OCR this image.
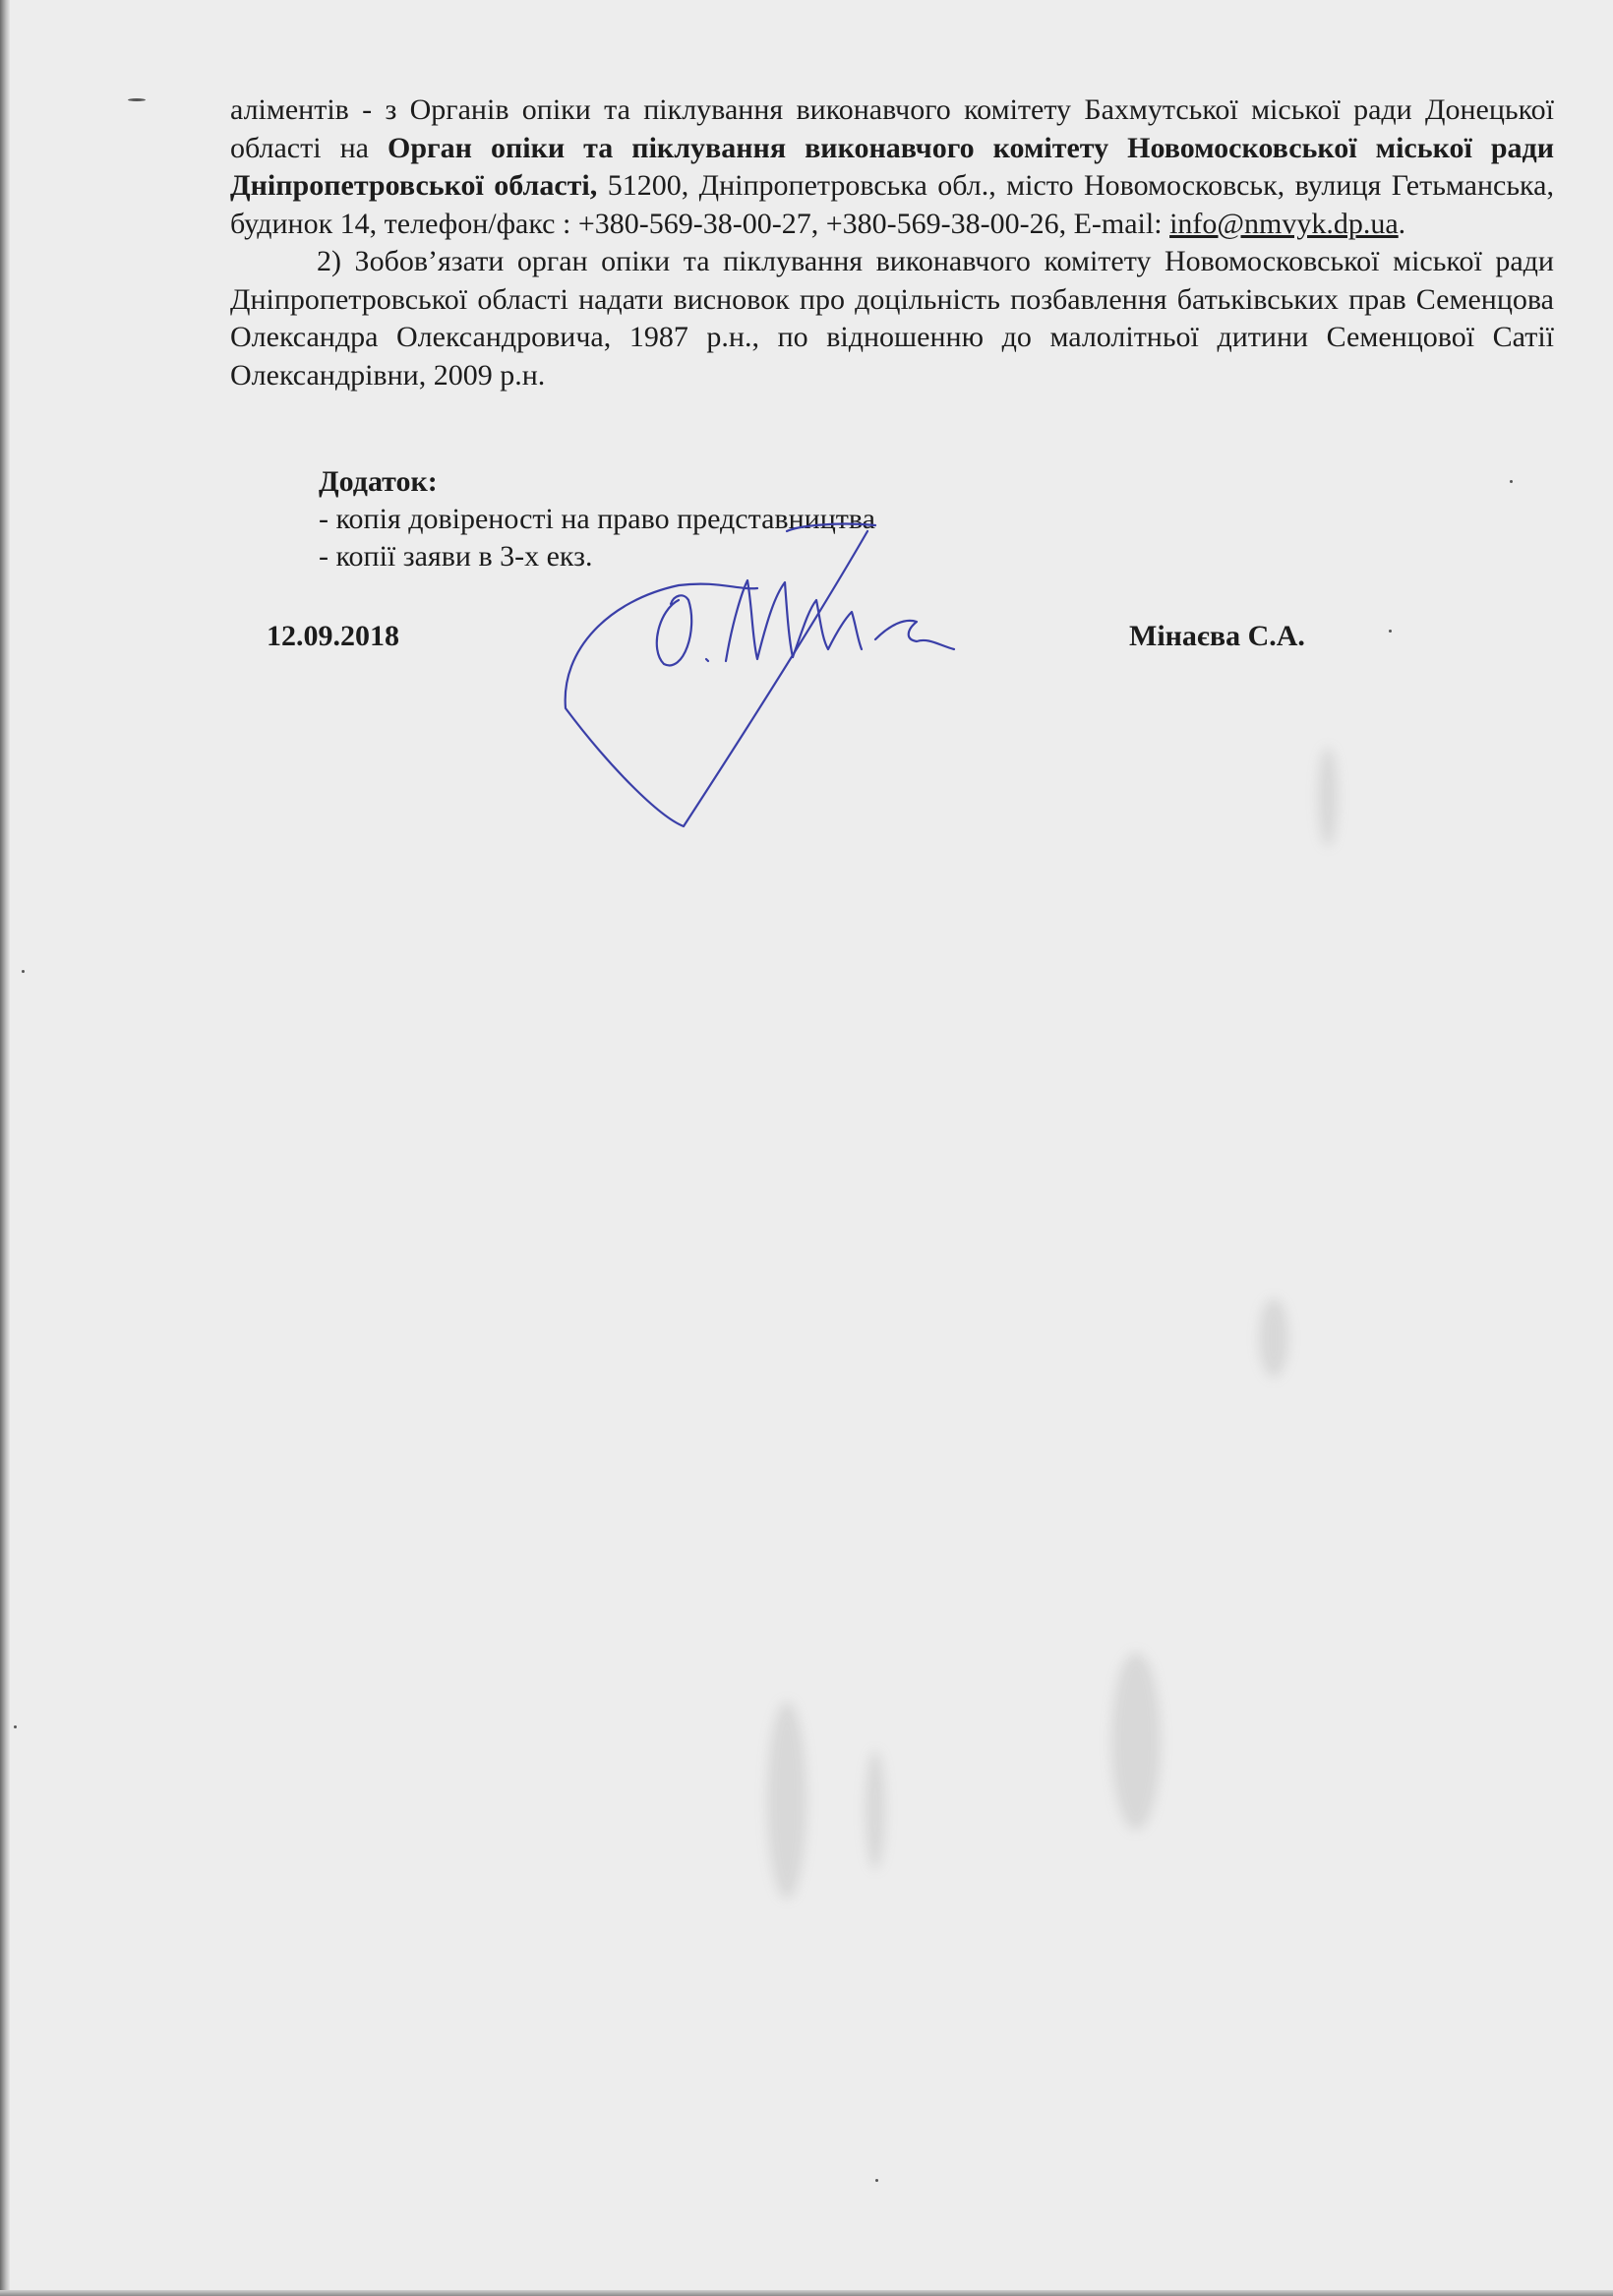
аліментів - з Органів опіки та піклування виконавчого комітету Бахмутської міської ради Донецької області на Орган опіки та піклування виконавчого комітету Новомосковської міської ради Дніпропетровської області, 51200, Дніпропетровська обл., місто Новомосковськ, вулиця Гетьманська, будинок 14, телефон/факс : +380-569-38-00-27, +380-569-38-00-26, E-mail: info@nmvyk.dp.ua.

2) Зобов’язати орган опіки та піклування виконавчого комітету Новомосковської міської ради Дніпропетровської області надати висновок про доцільність позбавлення батьківських прав Семенцова Олександра Олександровича, 1987 р.н., по відношенню до малолітньої дитини Семенцової Сатії Олександрівни, 2009 р.н.

Додаток:

- копія довіреності на право представництва

- копії заяви в 3-х екз.

12.09.2018	Мінаєва С.А.
